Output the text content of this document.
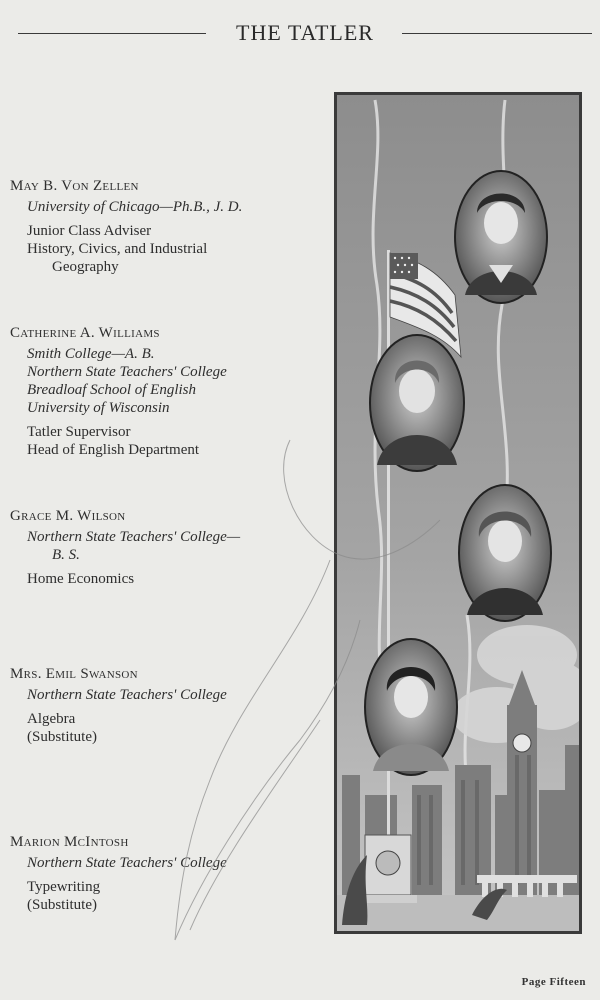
THE TATLER
May B. Von Zellen
University of Chicago—Ph.B., J. D.
Junior Class Adviser
History, Civics, and Industrial
Geography
Catherine A. Williams
Smith College—A. B.
Northern State Teachers' College
Breadloaf School of English
University of Wisconsin
Tatler Supervisor
Head of English Department
Grace M. Wilson
Northern State Teachers' College—
B. S.
Home Economics
Mrs. Emil Swanson
Northern State Teachers' College
Algebra
(Substitute)
Marion McIntosh
Northern State Teachers' College
Typewriting
(Substitute)
Page Fifteen
